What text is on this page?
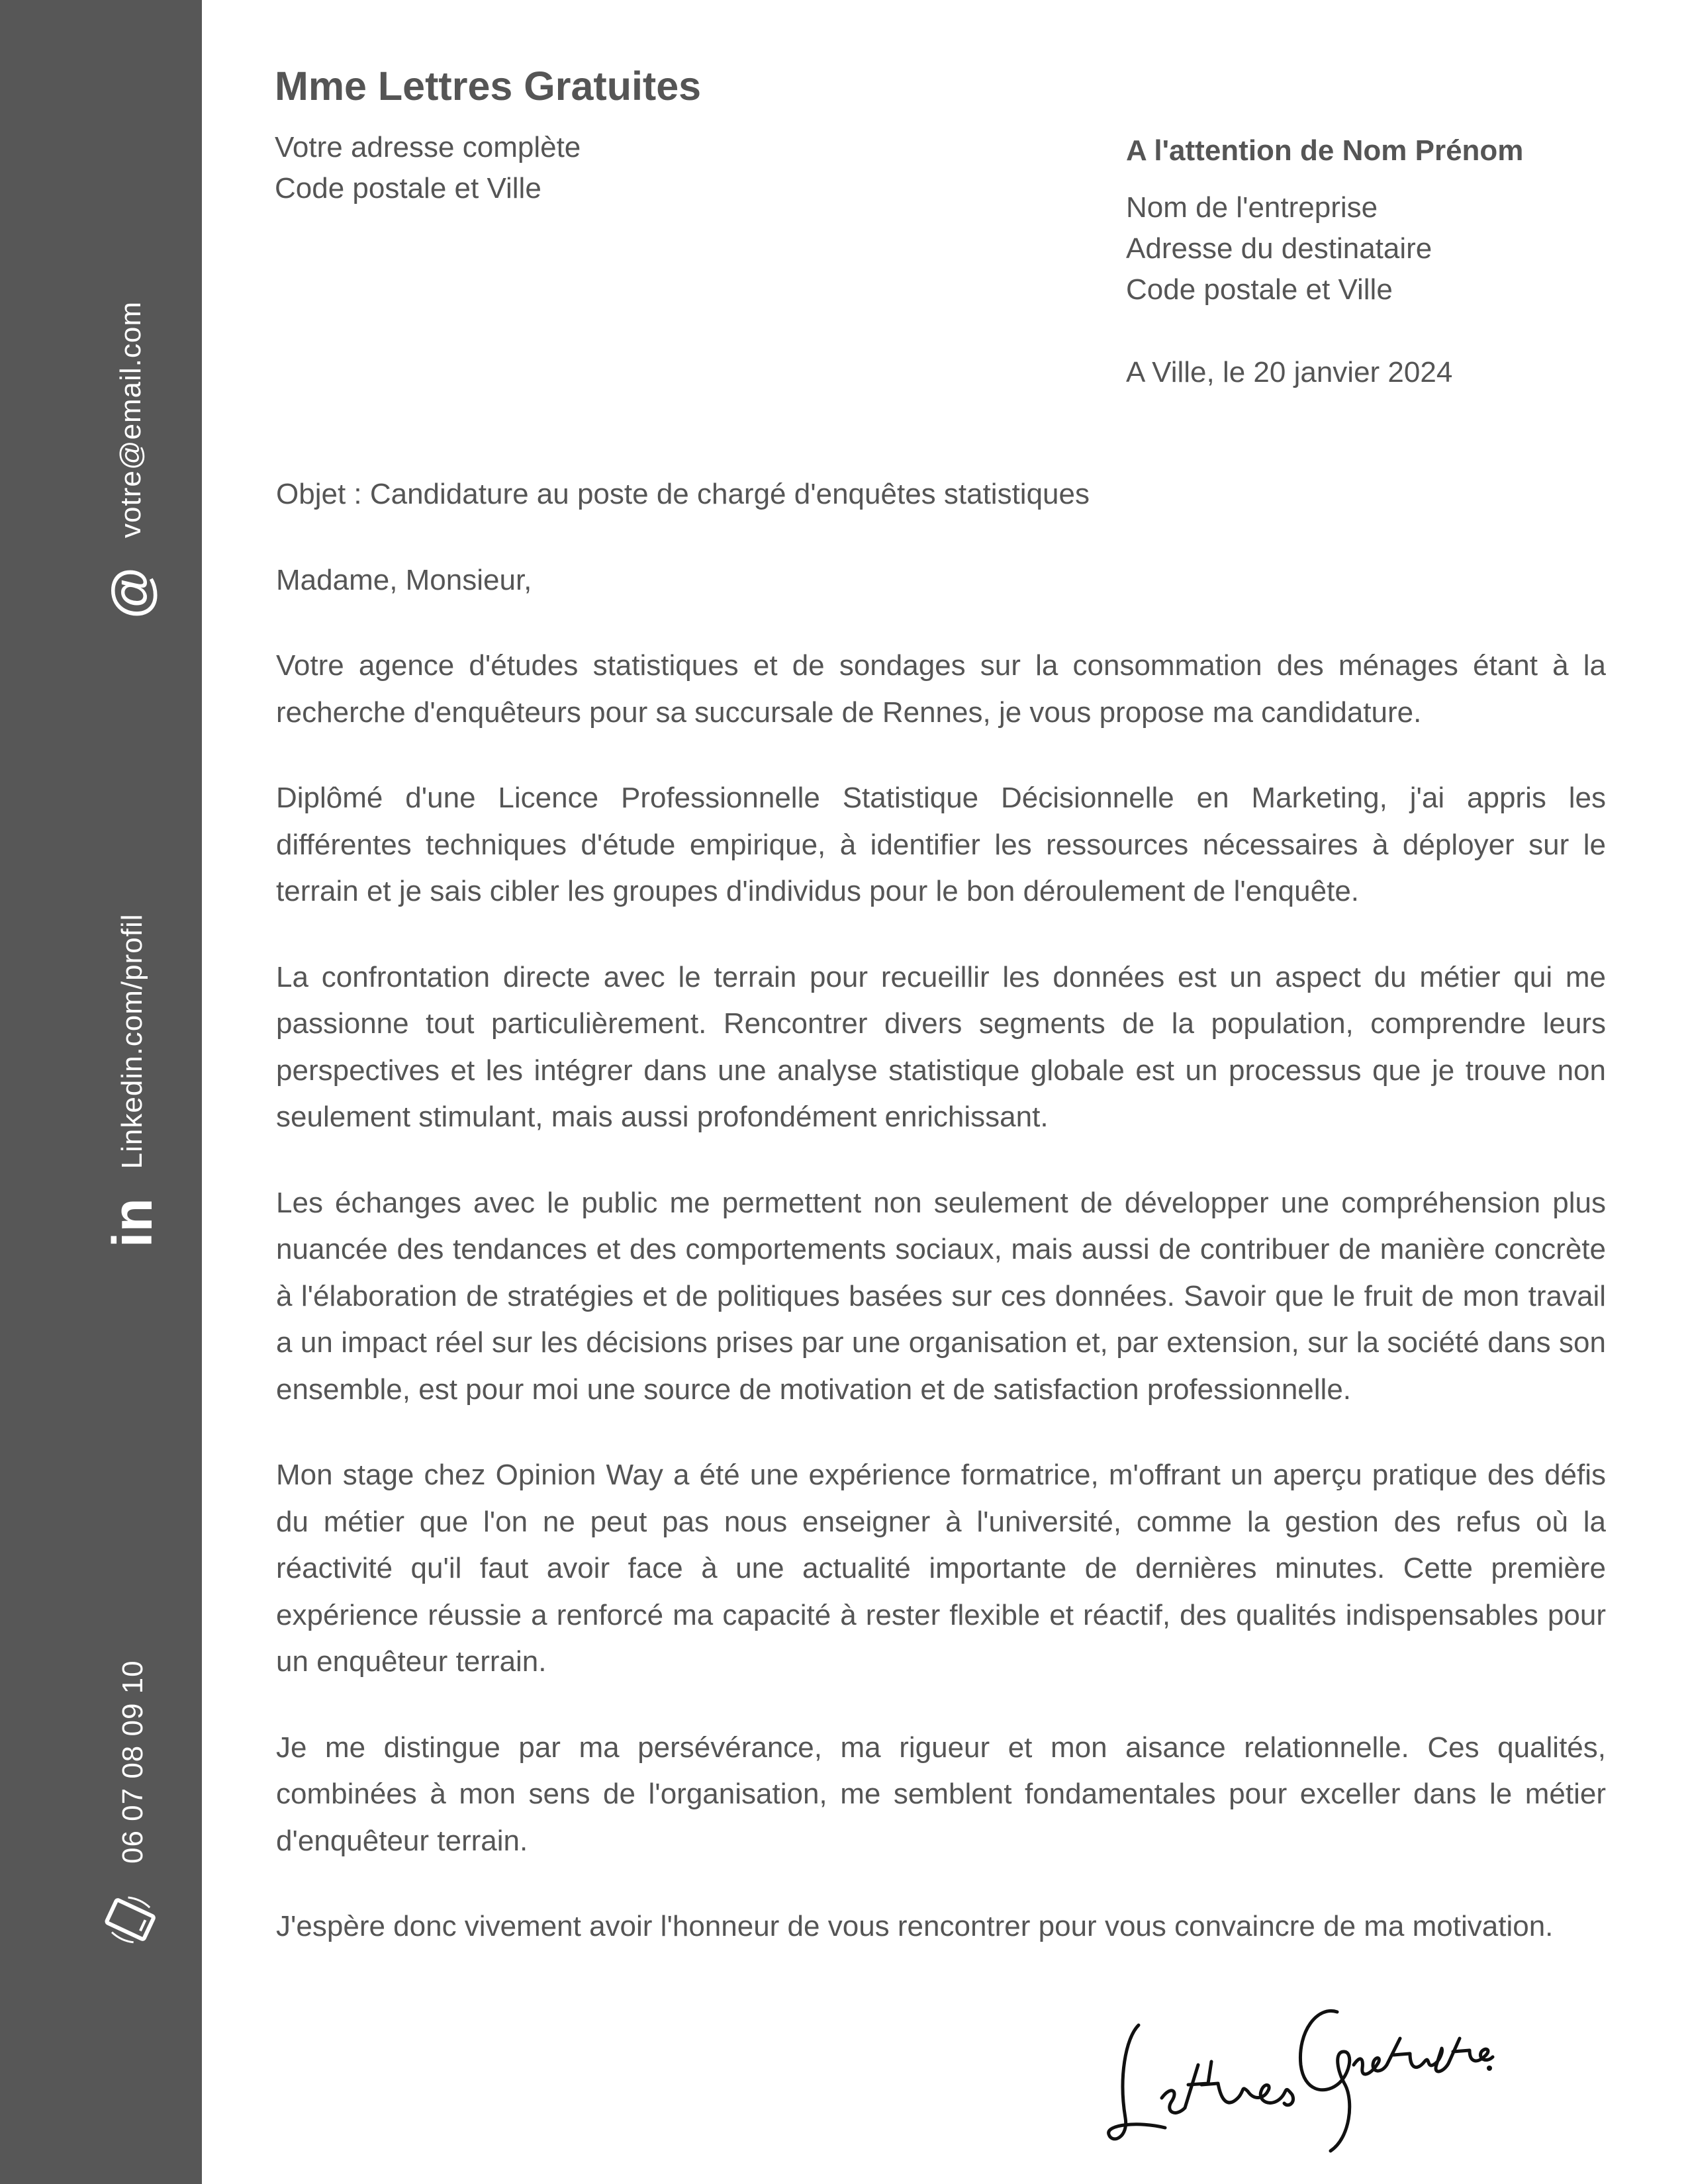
@
votre@email.com
in
Linkedin.com/profil
06 07 08 09 10
Mme Lettres Gratuites
Votre adresse complète
Code postale et Ville
A l'attention de Nom Prénom
Nom de l'entreprise
Adresse du destinataire
Code postale et Ville
A Ville, le 20 janvier 2024

Objet : Candidature au poste de chargé d'enquêtes statistiques

Madame, Monsieur,

Votre agence d'études statistiques et de sondages sur la consommation des ménages étant à la recherche d'enquêteurs pour sa succursale de Rennes, je vous propose ma candidature.

Diplômé d'une Licence Professionnelle Statistique Décisionnelle en Marketing, j'ai appris les différentes techniques d'étude empirique, à identifier les ressources nécessaires à déployer sur le terrain et je sais cibler les groupes d'individus pour le bon déroulement de l'enquête.

La confrontation directe avec le terrain pour recueillir les données est un aspect du métier qui me passionne tout particulièrement. Rencontrer divers segments de la population, comprendre leurs perspectives et les intégrer dans une analyse statistique globale est un processus que je trouve non seulement stimulant, mais aussi profondément enrichissant.

Les échanges avec le public me permettent non seulement de développer une compréhension plus nuancée des tendances et des comportements sociaux, mais aussi de contribuer de manière concrète à l'élaboration de stratégies et de politiques basées sur ces données. Savoir que le fruit de mon travail a un impact réel sur les décisions prises par une organisation et, par extension, sur la société dans son ensemble, est pour moi une source de motivation et de satisfaction professionnelle.

Mon stage chez Opinion Way a été une expérience formatrice, m'offrant un aperçu pratique des défis du métier que l'on ne peut pas nous enseigner à l'université, comme la gestion des refus où la réactivité qu'il faut avoir face à une actualité importante de dernières minutes. Cette première expérience réussie a renforcé ma capacité à rester flexible et réactif, des qualités indispensables pour un enquêteur terrain.

Je me distingue par ma persévérance, ma rigueur et mon aisance relationnelle. Ces qualités, combinées à mon sens de l'organisation, me semblent fondamentales pour exceller dans le métier d'enquêteur terrain.

J'espère donc vivement avoir l'honneur de vous rencontrer pour vous convaincre de ma motivation.
